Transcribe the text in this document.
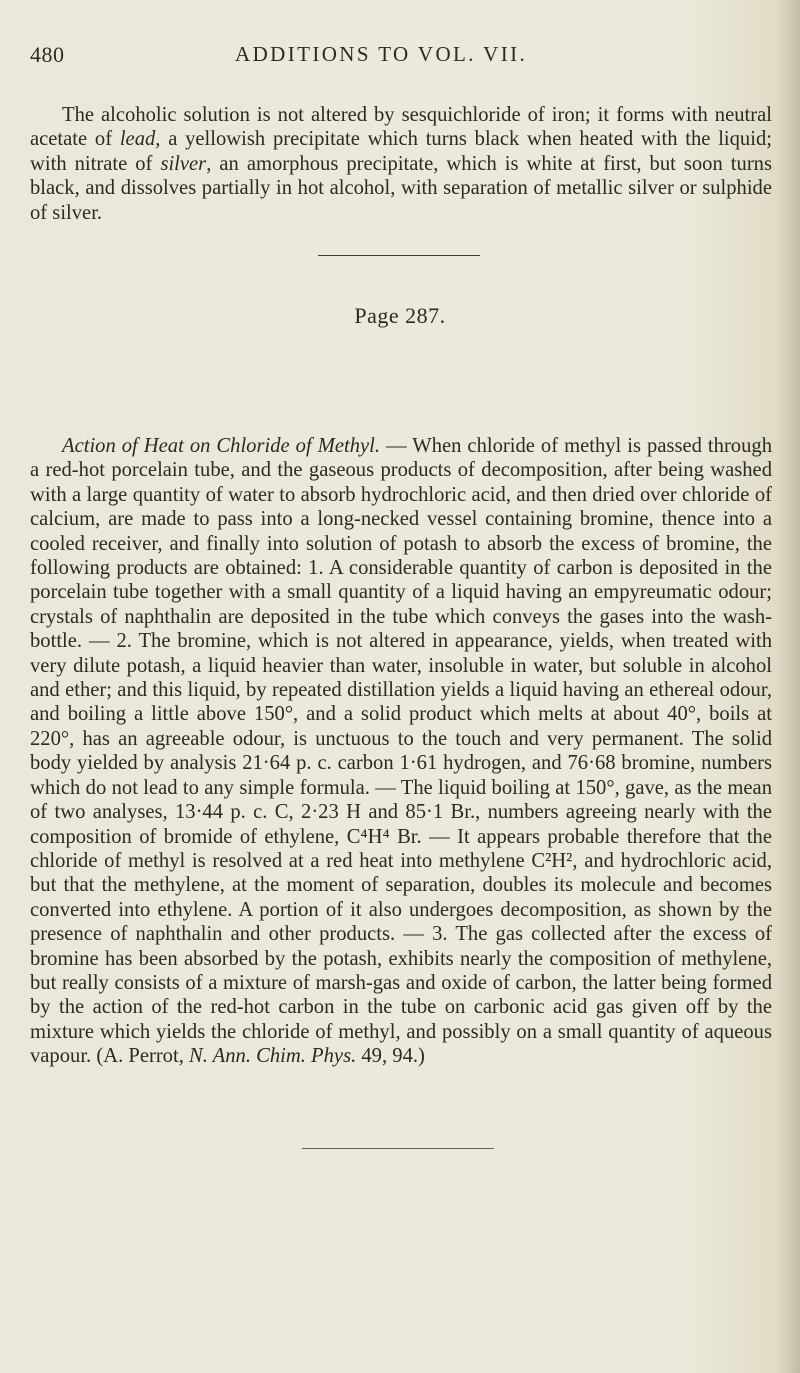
480	ADDITIONS TO VOL. VII.

The alcoholic solution is not altered by sesquichloride of iron; it forms with neutral acetate of lead, a yellowish precipitate which turns black when heated with the liquid; with nitrate of silver, an amorphous precipitate, which is white at first, but soon turns black, and dissolves partially in hot alcohol, with separation of metallic silver or sulphide of silver.

Page 287.

Action of Heat on Chloride of Methyl. — When chloride of methyl is passed through a red-hot porcelain tube, and the gaseous products of decomposition, after being washed with a large quantity of water to absorb hydrochloric acid, and then dried over chloride of calcium, are made to pass into a long-necked vessel containing bromine, thence into a cooled receiver, and finally into solution of potash to absorb the excess of bromine, the following products are obtained: 1. A considerable quantity of carbon is deposited in the porcelain tube together with a small quantity of a liquid having an empyreumatic odour; crystals of naphthalin are deposited in the tube which conveys the gases into the wash-bottle. — 2. The bromine, which is not altered in appearance, yields, when treated with very dilute potash, a liquid heavier than water, insoluble in water, but soluble in alcohol and ether; and this liquid, by repeated distillation yields a liquid having an ethereal odour, and boiling a little above 150°, and a solid product which melts at about 40°, boils at 220°, has an agreeable odour, is unctuous to the touch and very permanent. The solid body yielded by analysis 21·64 p. c. carbon 1·61 hydrogen, and 76·68 bromine, numbers which do not lead to any simple formula. — The liquid boiling at 150°, gave, as the mean of two analyses, 13·44 p. c. C, 2·23 H and 85·1 Br., numbers agreeing nearly with the composition of bromide of ethylene, C⁴H⁴ Br. — It appears probable therefore that the chloride of methyl is resolved at a red heat into methylene C²H², and hydrochloric acid, but that the methylene, at the moment of separation, doubles its molecule and becomes converted into ethylene. A portion of it also undergoes decomposition, as shown by the presence of naphthalin and other products. — 3. The gas collected after the excess of bromine has been absorbed by the potash, exhibits nearly the composition of methylene, but really consists of a mixture of marsh-gas and oxide of carbon, the latter being formed by the action of the red-hot carbon in the tube on carbonic acid gas given off by the mixture which yields the chloride of methyl, and possibly on a small quantity of aqueous vapour. (A. Perrot, N. Ann. Chim. Phys. 49, 94.)
